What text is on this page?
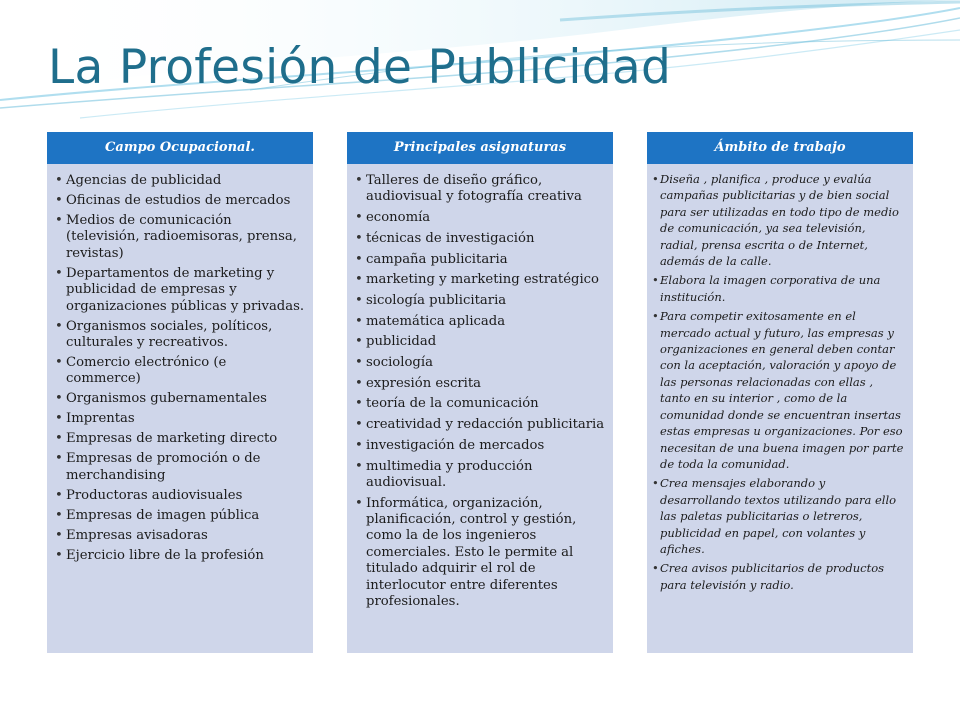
La Profesión de Publicidad
Campo Ocupacional.
• Agencias de publicidad
• Oficinas de estudios de mercados
• Medios de comunicación (televisión, radioemisoras, prensa, revistas)
• Departamentos de marketing y publicidad de empresas y organizaciones públicas y privadas.
• Organismos sociales, políticos, culturales y recreativos.
• Comercio electrónico (e commerce)
• Organismos gubernamentales
• Imprentas
• Empresas de marketing directo
• Empresas de promoción o de merchandising
• Productoras audiovisuales
• Empresas de imagen pública
• Empresas avisadoras
• Ejercicio libre de la profesión
Principales asignaturas
• Talleres de diseño gráfico, audiovisual y fotografía creativa
• economía
• técnicas de investigación
• campaña publicitaria
• marketing y marketing estratégico
• sicología publicitaria
• matemática aplicada
• publicidad
• sociología
• expresión escrita
• teoría de la comunicación
• creatividad y redacción publicitaria
• investigación de mercados
• multimedia y producción audiovisual.
• Informática, organización, planificación, control y gestión, como la de los ingenieros comerciales. Esto le permite al titulado adquirir el rol de interlocutor entre diferentes profesionales.
Ámbito de trabajo
• Diseña , planifica , produce y evalúa campañas publicitarias y de bien social para ser utilizadas en todo tipo de medio de comunicación, ya sea televisión, radial, prensa escrita o de Internet, además de la calle.
• Elabora la imagen corporativa de una institución.
• Para competir exitosamente en el mercado actual y futuro, las empresas y organizaciones en general deben contar con la aceptación, valoración y apoyo de las personas relacionadas con ellas , tanto en su interior , como de la comunidad donde se encuentran insertas estas empresas u organizaciones. Por eso necesitan de una buena imagen por parte de toda la comunidad.
• Crea mensajes elaborando y desarrollando textos utilizando para ello las paletas publicitarias o letreros, publicidad en papel, con volantes y afiches.
• Crea avisos publicitarios de productos para televisión y radio.
